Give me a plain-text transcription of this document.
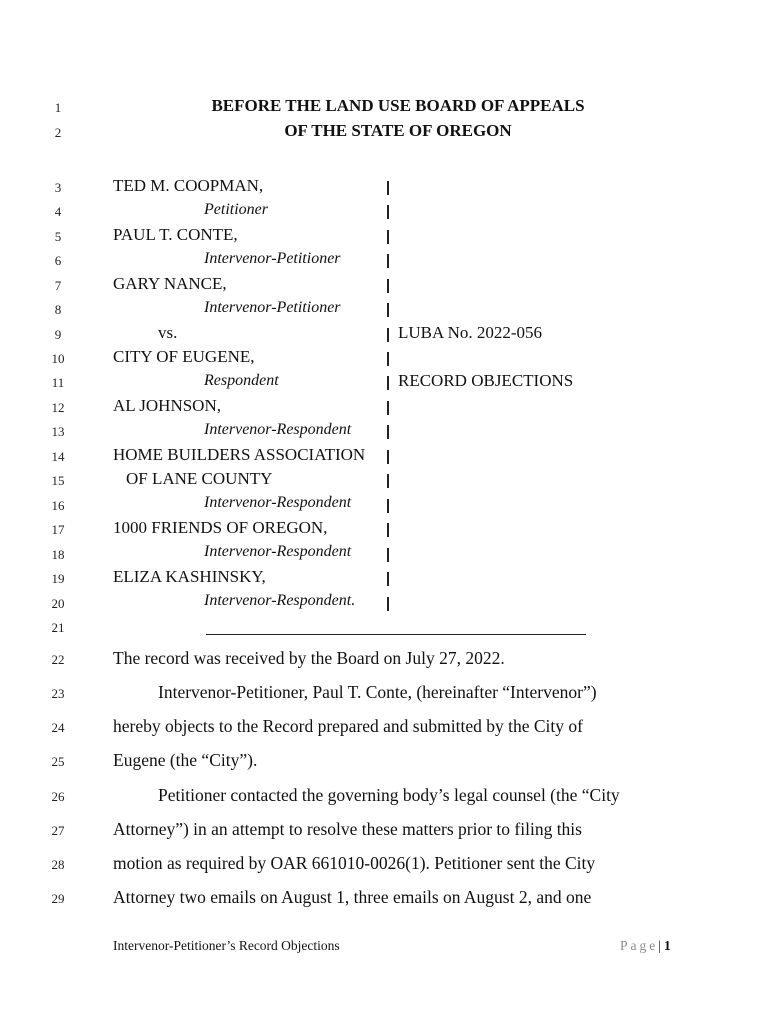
1
2
3
4
5
6
7
8
9
10
11
12
13
14
15
16
17
18
19
20
21
22
23
24
25
26
27
28
29
BEFORE THE LAND USE BOARD OF APPEALS
OF THE STATE OF OREGON
TED M. COOPMAN,
Petitioner
PAUL T. CONTE,
Intervenor-Petitioner
GARY NANCE,
Intervenor-Petitioner
vs.
CITY OF EUGENE,
Respondent
AL JOHNSON,
Intervenor-Respondent
HOME BUILDERS ASSOCIATION
OF LANE COUNTY
Intervenor-Respondent
1000 FRIENDS OF OREGON,
Intervenor-Respondent
ELIZA KASHINSKY,
Intervenor-Respondent.
LUBA No. 2022-056
RECORD OBJECTIONS
The record was received by the Board on July 27, 2022.
Intervenor-Petitioner, Paul T. Conte, (hereinafter “Intervenor”)
hereby objects to the Record prepared and submitted by the City of
Eugene (the “City”).
Petitioner contacted the governing body’s legal counsel (the “City
Attorney”) in an attempt to resolve these matters prior to filing this
motion as required by OAR 661010-0026(1). Petitioner sent the City
Attorney two emails on August 1, three emails on August 2, and one
Intervenor-Petitioner’s Record Objections	Page| 1
